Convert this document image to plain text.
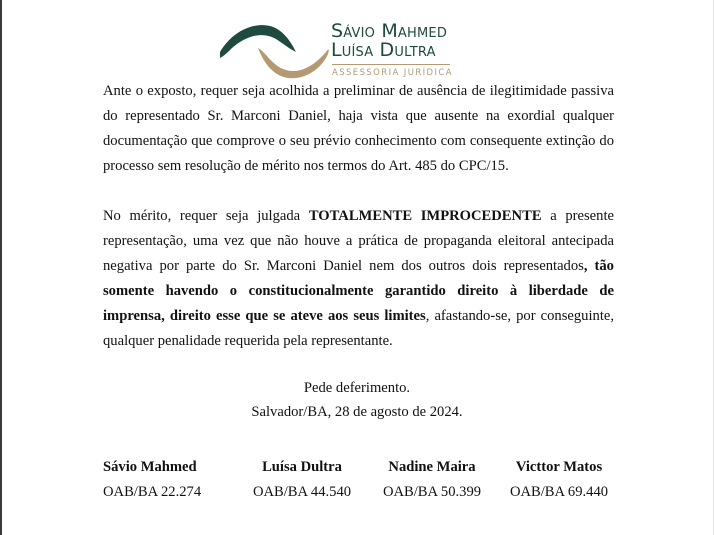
Sávio Mahmed
Luísa Dultra
ASSESSORIA JURÍDICA

Ante o exposto, requer seja acolhida a preliminar de ausência de ilegitimidade passiva do representado Sr. Marconi Daniel, haja vista que ausente na exordial qualquer documentação que comprove o seu prévio conhecimento com consequente extinção do processo sem resolução de mérito nos termos do Art. 485 do CPC/15.

No mérito, requer seja julgada TOTALMENTE IMPROCEDENTE a presente representação, uma vez que não houve a prática de propaganda eleitoral antecipada negativa por parte do Sr. Marconi Daniel nem dos outros dois representados, tão somente havendo o constitucionalmente garantido direito à liberdade de imprensa, direito esse que se ateve aos seus limites, afastando-se, por conseguinte, qualquer penalidade requerida pela representante.

Pede deferimento.
Salvador/BA, 28 de agosto de 2024.
Sávio Mahmed
OAB/BA 22.274
Luísa Dultra
OAB/BA 44.540
Nadine Maira
OAB/BA 50.399
Victtor Matos
OAB/BA 69.440
